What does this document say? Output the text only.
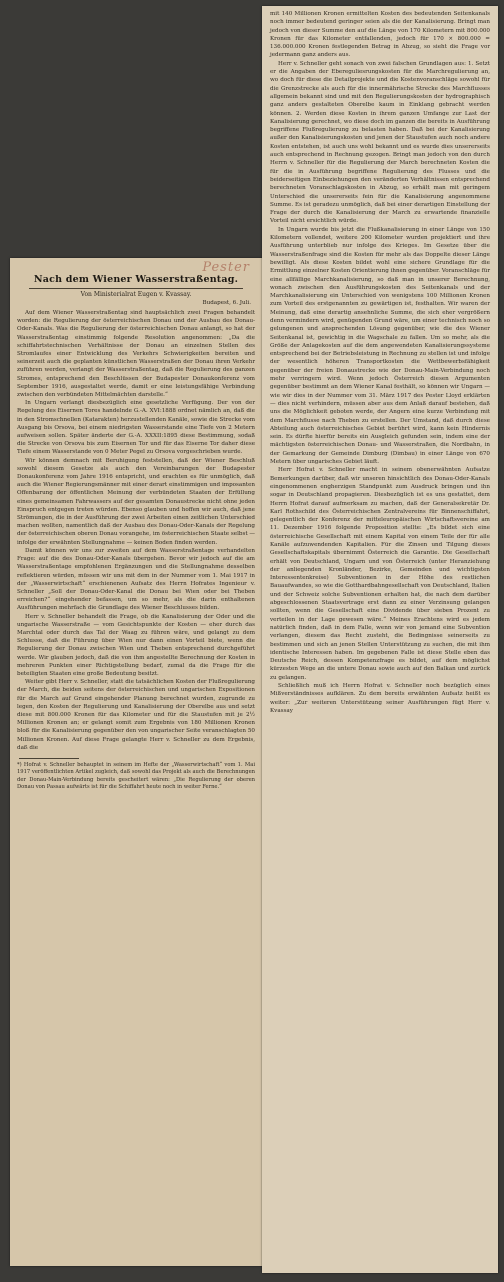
Pester
Nach dem Wiener Wasserstraßentag.
Von Ministerialrat Eugen v. Kvassay.
Budapest, 6. Juli.

Auf dem Wiener Wasserstraßentag sind hauptsächlich zwei Fragen behandelt worden: die Regulierung der österreichischen Donau und der Ausbau des Donau-Oder-Kanals. Was die Regulierung der österreichischen Donau anlangt, so hat der Wasserstraßentag einstimmig folgende Resolution angenommen: „Da die schiffahrtstechnischen Verhältnisse der Donau an einzelnen Stellen des Stromlaufes einer Entwicklung des Verkehrs Schwierigkeiten bereiten und seinerzeit auch die geplanten künstlichen Wasserstraßen der Donau ihren Verkehr zuführen werden, verlangt der Wasserstraßentag, daß die Regulierung des ganzen Stromes, entsprechend den Beschlüssen der Budapester Donaukonferenz vom September 1916, ausgestaltet werde, damit er eine leistungsfähige Verbindung zwischen den verbündeten Mittelmächten darstelle.“

In Ungarn verlangt diesbezüglich eine gesetzliche Verfügung. Der von der Regelung des Eisernen Tores handelnde G.-A. XVI:1888 ordnet nämlich an, daß die in den Stromschnellen (Katarakten) herzustellenden Kanäle, sowie die Strecke vom Ausgang bis Orsova, bei einem niedrigsten Wasserstande eine Tiefe von 2 Metern aufweisen sollen. Später änderte der G.-A. XXXII:1895 diese Bestimmung, sodaß die Strecke von Orsova bis zum Eisernen Tor und für das Eiserne Tor daher diese Tiefe einem Wasserstande von 0 Meter Pegel zu Orsova vorgeschrieben wurde.

Wir können demnach mit Beruhigung feststellen, daß der Wiener Beschluß sowohl diesem Gesetze als auch den Vereinbarungen der Budapester Donaukonferenz vom Jahre 1916 entspricht, und erachten es für unmöglich, daß auch die Wiener Regierungsmänner mit einer derart einstimmigen und imposanten Offenbarung der öffentlichen Meinung der verbündeten Staaten der Erfüllung eines gemeinsamen Fahrwassers auf der gesamten Donaustrecke nicht ohne jeden Einspruch entgegen treten würden. Ebenso glauben und hoffen wir auch, daß jene Strömungen, die in der Ausführung der zwei Arbeiten einen zeitlichen Unterschied machen wollten, namentlich daß der Ausbau des Donau-Oder-Kanals der Regelung der österreichischen oberen Donau vorangehe, im österreichischen Staate selbst — infolge der erwähnten Stellungnahme — keinen Boden finden werden.

Damit können wir uns zur zweiten auf dem Wasserstraßentage verhandelten Frage: auf die des Donau-Oder-Kanals übergehen. Bevor wir jedoch auf die am Wasserstraßentage empfohlenen Ergänzungen und die Stellungnahme desselben reflektieren würden, müssen wir uns mit dem in der Nummer vom 1. Mai 1917 in der „Wasserwirtschaft“ erschienenen Aufsatz des Herrn Hofrates Ingenieur v. Schneller „Soll der Donau-Oder-Kanal die Donau bei Wien oder bei Theben erreichen?“ eingehender befassen, um so mehr, als die darin enthaltenen Ausführungen mehrfach die Grundlage des Wiener Beschlusses bilden.

Herr v. Schneller behandelt die Frage, ob die Kanalisierung der Oder und die ungarische Wasserstraße — vom Gesichtspunkte der Kosten — eher durch das Marchtal oder durch das Tal der Waag zu führen wäre, und gelangt zu dem Schlusse, daß die Führung über Wien nur dann einen Vorteil biete, wenn die Regulierung der Donau zwischen Wien und Theben entsprechend durchgeführt werde. Wir glauben jedoch, daß die von ihm angestellte Berechnung der Kosten in mehreren Punkten einer Richtigstellung bedarf, zumal da die Frage für die beteiligten Staaten eine große Bedeutung besitzt.

Weiter gibt Herr v. Schneller, statt die tatsächlichen Kosten der Flußregulierung der March, die beiden seitens der österreichischen und ungarischen Expositionen für die March auf Grund eingehender Planung berechnet wurden, zugrunde zu legen, den Kosten der Regulierung und Kanalisierung der Oberelbe aus und setzt diese mit 800.000 Kronen für das Kilometer und für die Staustufen mit je 2½ Millionen Kronen an; er gelangt somit zum Ergebnis von 180 Millionen Kronen bloß für die Kanalisierung gegenüber den von ungarischer Seite veranschlagten 50 Millionen Kronen. Auf diese Frage gelangte Herr v. Schneller zu dem Ergebnis, daß die

*) Hofrat v. Schneller behauptet in seinem im Hefte der „Wasserwirtschaft“ vom 1. Mai 1917 veröffentlichten Artikel zugleich, daß sowohl das Projekt als auch die Berechnungen der Donau-Main-Verbindung bereits gescheitert wären: „Die Regulierung der oberen Donau von Passau aufwärts ist für die Schiffahrt heute noch in weiter Ferne.“

mit 140 Millionen Kronen ermittelten Kosten des bedeutenden Seitenkanals noch immer bedeutend geringer seien als die der Kanalisierung. Bringt man jedoch von dieser Summe den auf die Länge von 170 Kilometern mit 800.000 Kronen für das Kilometer entfallenden, jedoch für 170 × 800.000 = 136.000.000 Kronen festlegenden Betrag in Abzug, so sieht die Frage vor jedermann ganz anders aus.

Herr v. Schneller geht sonach von zwei falschen Grundlagen aus: 1. Setzt er die Angaben der Ebereguliesrungskosten für die Marchregulierung an, wo doch für diese die Detailprojekte und die Kostenvoranschläge sowohl für die Grenzstrecke als auch für die innermährische Strecke des Marchflusses allgemein bekannt sind und mit den Regulierungskosten der hydrographisch ganz anders gestalteten Oberelbe kaum in Einklang gebracht werden können. 2. Werden diese Kosten in ihrem ganzen Umfange zur Last der Kanalisierung gerechnet, wo diese doch im ganzen die bereits in Ausführung begriffene Flußregulierung zu belasten haben. Daß bei der Kanalisierung außer den Kanalisierungskosten und jenen der Staustufen auch noch andere Kosten entstehen, ist auch uns wohl bekannt und es wurde dies unsererseits auch entsprechend in Rechnung gezogen. Bringt man jedoch von den durch Herrn v. Schneller für die Regulierung der March berechneten Kosten die für die in Ausführung begriffene Regulierung des Flusses und die beiderseitigen Einbeziehungen den veränderten Verhältnissen entsprechend berechneten Voranschlagskosten in Abzug, so erhält man mit geringem Unterschied die unsererseits fein für die Kanalisierung angenommene Summe. Es ist geradezu unmöglich, daß bei einer derartigen Einstellung der Frage der durch die Kanalisierung der March zu erwartende finanzielle Vorteil nicht ersichtlich würde.

In Ungarn wurde bis jetzt die Flußkanalisierung in einer Länge von 150 Kilometern vollendet, weitere 200 Kilometer wurden projektiert und ihre Ausführung unterblieb nur infolge des Krieges. Im Gesetze über die Wasserstraßenfrage sind die Kosten für mehr als das Doppelte dieser Länge bewilligt. Als diese Kosten bildet wohl eine sichere Grundlage für die Ermittlung einzelner Kosten Orientierung ihnen gegenüber. Voranschläge für eine allfällige Marchkanalisierung, so daß man in unserer Berechnung, wonach zwischen den Ausführungskosten des Seitenkanals und der Marchkanalisierung ein Unterschied von wenigstens 100 Millionen Kronen zum Vorteil des erstgenannten zu gewärtigen ist, festhalten. Wir waren der Meinung, daß eine derartig ansehnliche Summe, die sich eher vergrößern denn vermindern wird, genügenden Grund wäre, um einer technisch noch so gelungenen und ansprechenden Lösung gegenüber, wie die des Wiener Seitenkanal ist, gewichtig in die Wagschale zu fallen. Um so mehr, als die Größe der Anlagekosten auf die dem angewendeten Kanalisierungssysteme entsprechend bei der Betriebsleistung in Rechnung zu stellen ist und infolge der wesentlich höheren Transportkosten die Wettbewerbsfähigkeit gegenüber der freien Donaustrecke wie der Donau-Main-Verbindung noch mehr verringern wird. Wenn jedoch Österreich diesen Argumenten gegenüber bestimmt an dem Wiener Kanal festhält, so können wir Ungarn — wie wir dies in der Nummer vom 31. März 1917 des Pester Lloyd erklärten — dies nicht verhindern, müssen aber aus dem Anlaß darauf bestehen, daß uns die Möglichkeit geboten werde, der Angern eine kurze Verbindung mit dem Marchflusse nach Theben zu erstellen. Der Umstand, daß durch diese Abteilung auch österreichisches Gebiet berührt wird, kann kein Hindernis sein. Es dürfte hierfür bereits ein Ausgleich gefunden sein, indem eine der mächtigsten österreichischen Donau- und Wasserstraßen, die Nordbahn, in der Gemarkung der Gemeinde Dimburg (Dimbau) in einer Länge von 670 Metern über ungarisches Gebiet läuft.

Herr Hofrat v. Schneller macht in seinem obenerwähnten Aufsatze Bemerkungen darüber, daß wir unseren hinsichtlich des Donau-Oder-Kanals eingenommenen engherzigen Standpunkt zum Ausdruck bringen und ihn sogar in Deutschland propagieren. Diesbezüglich ist es uns gestattet, dem Herrn Hofrat darauf aufmerksam zu machen, daß der Generalsekretär Dr. Karl Rothschild des Österreichischen Zentralvereins für Binnenschiffahrt, gelegentlich der Konferenz der mitteleuropäischen Wirtschaftsvereine am 11. Dezember 1916 folgende Proposition stellte: „Es bildet sich eine österreichische Gesellschaft mit einem Kapital von einem Teile der für alle Kanäle aufzuwendenden Kapitalien. Für die Zinsen und Tilgung dieses Gesellschaftskapitals übernimmt Österreich die Garantie. Die Gesellschaft erhält von Deutschland, Ungarn und von Österreich (unter Heranziehung der anliegenden Kronländer, Bezirke, Gemeinden und wichtigsten Interessentenkreise) Subventionen in der Höhe des restlichen Bauaufwandes, so wie die Gotthardbahngesellschaft von Deutschland, Italien und der Schweiz solche Subventionen erhalten hat, die nach dem darüber abgeschlossenen Staatsvertrage erst dann zu einer Verzinsung gelangen sollten, wenn die Gesellschaft eine Dividende über sieben Prozent zu verteilen in der Lage gewesen wäre.“ Meines Erachtens wird es jedem natürlich finden, daß in dem Falle, wenn wir von jemand eine Subvention verlangen, diesem das Recht zusteht, die Bedingnisse seinerseits zu bestimmen und sich an jenen Stellen Unterstützung zu suchen, die mit ihm identische Interessen haben. Im gegebenen Falle ist diese Stelle eben das Deutsche Reich, dessen Kompetenzfrage es bildet, auf dem möglichst kürzesten Wege an die untere Donau sowie auch auf den Balkan und zurück zu gelangen.

Schließlich muß ich Herrn Hofrat v. Schneller noch bezüglich eines Mißverständnisses aufklären. Zu dem bereits erwähnten Aufsatz heißt es weiter: „Zur weiteren Unterstützung seiner Ausführungen fügt Herr v. Kvassay
